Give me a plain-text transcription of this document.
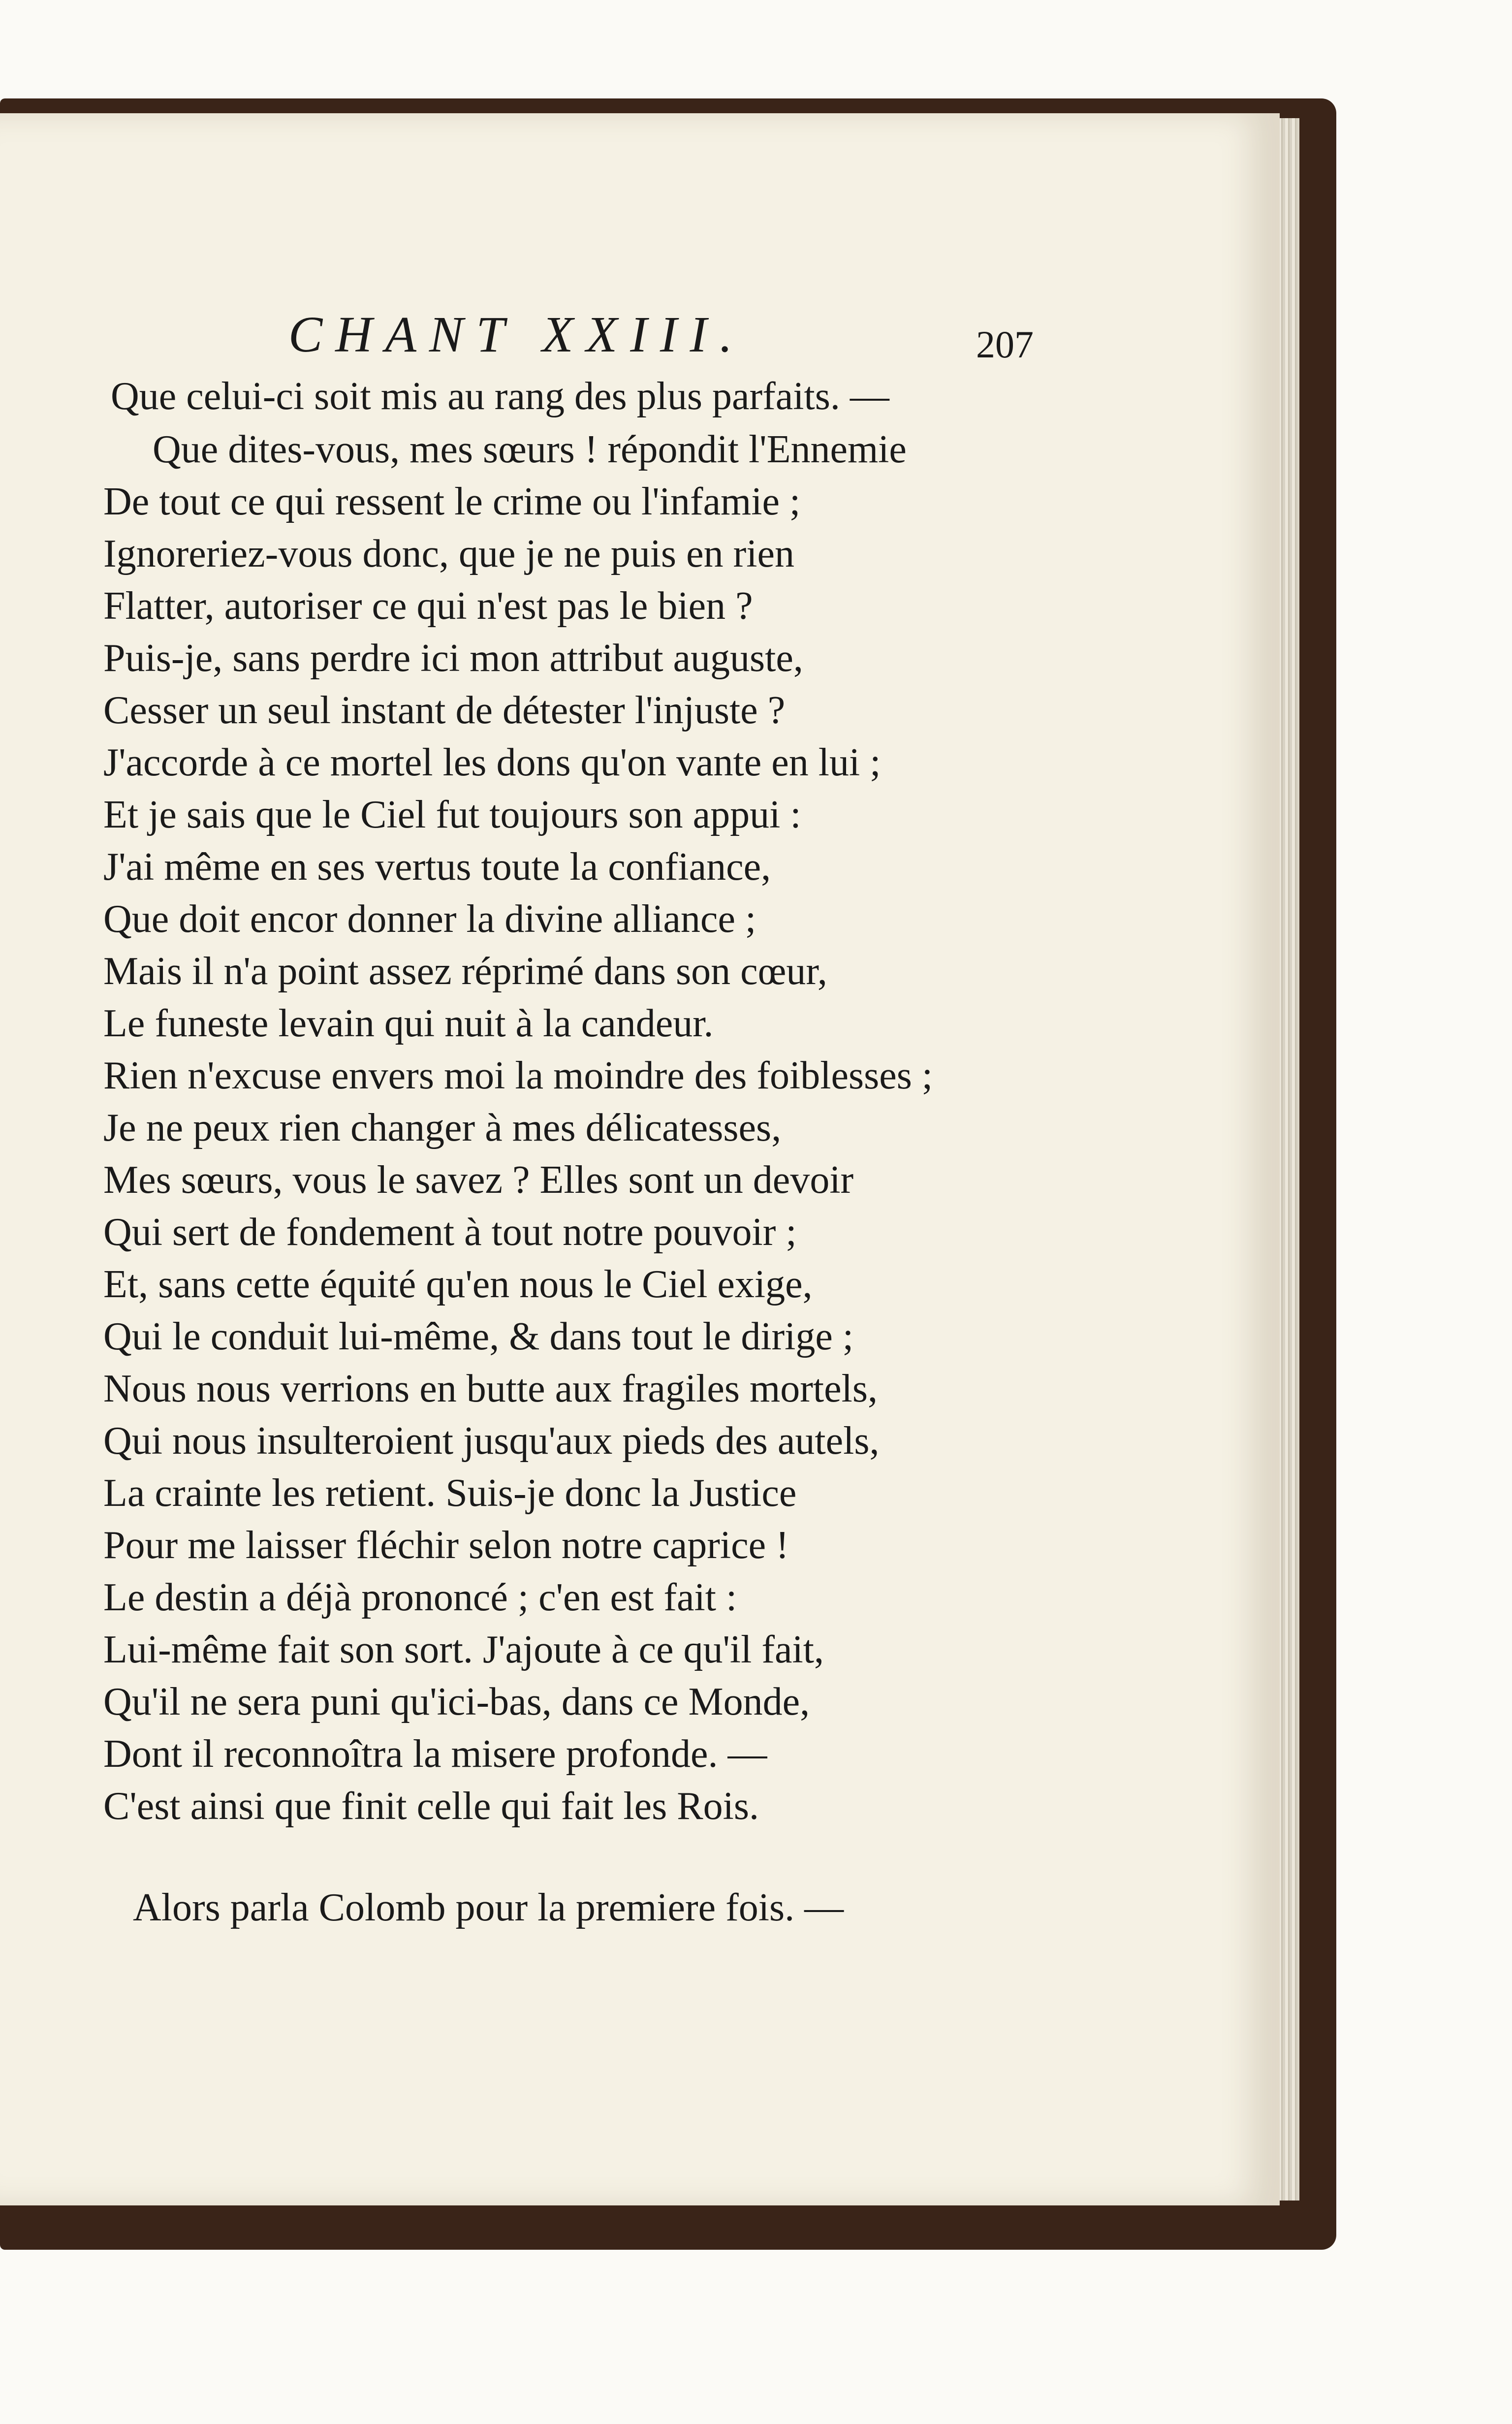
CHANT XXIII.	207
Que celui-ci soit mis au rang des plus parfaits. —
Que dites-vous, mes sœurs ! répondit l'Ennemie
De tout ce qui ressent le crime ou l'infamie ;
Ignoreriez-vous donc, que je ne puis en rien
Flatter, autoriser ce qui n'est pas le bien ?
Puis-je, sans perdre ici mon attribut auguste,
Cesser un seul instant de détester l'injuste ?
J'accorde à ce mortel les dons qu'on vante en lui ;
Et je sais que le Ciel fut toujours son appui :
J'ai même en ses vertus toute la confiance,
Que doit encor donner la divine alliance ;
Mais il n'a point assez réprimé dans son cœur,
Le funeste levain qui nuit à la candeur.
Rien n'excuse envers moi la moindre des foiblesses ;
Je ne peux rien changer à mes délicatesses,
Mes sœurs, vous le savez ? Elles sont un devoir
Qui sert de fondement à tout notre pouvoir ;
Et, sans cette équité qu'en nous le Ciel exige,
Qui le conduit lui-même, & dans tout le dirige ;
Nous nous verrions en butte aux fragiles mortels,
Qui nous insulteroient jusqu'aux pieds des autels,
La crainte les retient. Suis-je donc la Justice
Pour me laisser fléchir selon notre caprice !
Le destin a déjà prononcé ; c'en est fait :
Lui-même fait son sort. J'ajoute à ce qu'il fait,
Qu'il ne sera puni qu'ici-bas, dans ce Monde,
Dont il reconnoîtra la misere profonde. —
C'est ainsi que finit celle qui fait les Rois.
Alors parla Colomb pour la premiere fois. —
